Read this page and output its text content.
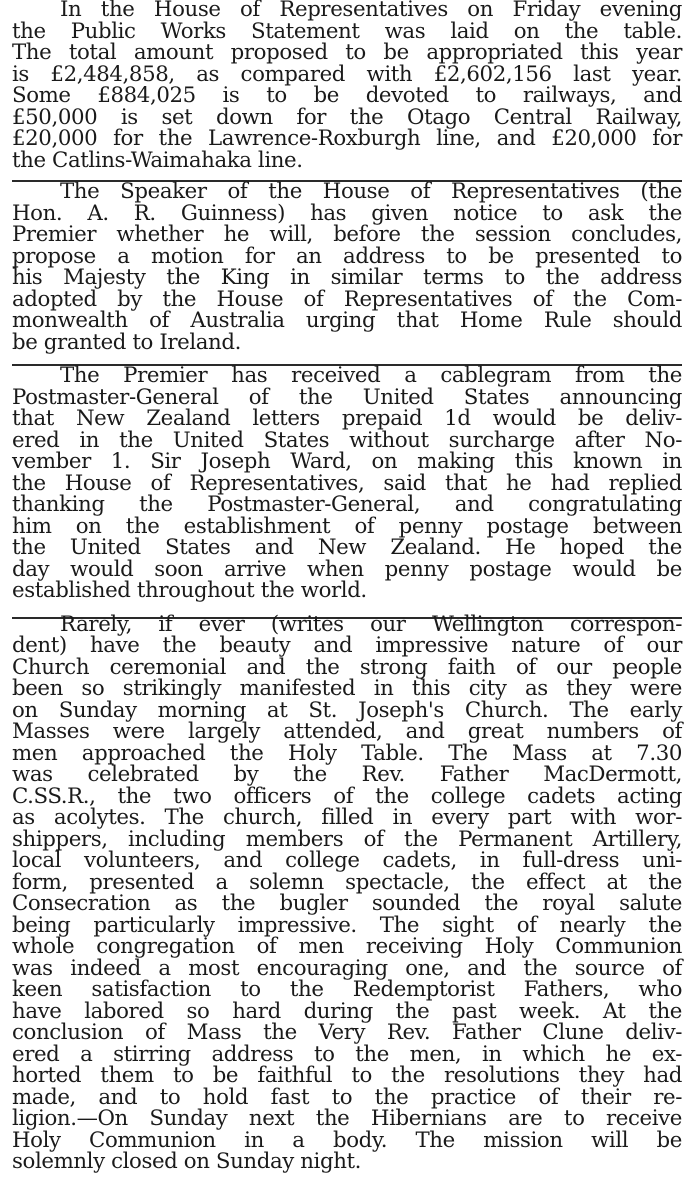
In the House of Representatives on Friday evening
the Public Works Statement was laid on the table.
The total amount proposed to be appropriated this year
is £2,484,858, as compared with £2,602,156 last year.
Some £884,025 is to be devoted to railways, and
£50,000 is set down for the Otago Central Railway,
£20,000 for the Lawrence-Roxburgh line, and £20,000 for
the Catlins-Waimahaka line.
The Speaker of the House of Representatives (the
Hon. A. R. Guinness) has given notice to ask the
Premier whether he will, before the session concludes,
propose a motion for an address to be presented to
his Majesty the King in similar terms to the address
adopted by the House of Representatives of the Com-
monwealth of Australia urging that Home Rule should
be granted to Ireland.
The Premier has received a cablegram from the
Postmaster-General of the United States announcing
that New Zealand letters prepaid 1d would be deliv-
ered in the United States without surcharge after No-
vember 1. Sir Joseph Ward, on making this known in
the House of Representatives, said that he had replied
thanking the Postmaster-General, and congratulating
him on the establishment of penny postage between
the United States and New Zealand. He hoped the
day would soon arrive when penny postage would be
established throughout the world.
Rarely, if ever (writes our Wellington correspon-
dent) have the beauty and impressive nature of our
Church ceremonial and the strong faith of our people
been so strikingly manifested in this city as they were
on Sunday morning at St. Joseph's Church. The early
Masses were largely attended, and great numbers of
men approached the Holy Table. The Mass at 7.30
was celebrated by the Rev. Father MacDermott,
C.SS.R., the two officers of the college cadets acting
as acolytes. The church, filled in every part with wor-
shippers, including members of the Permanent Artillery,
local volunteers, and college cadets, in full-dress uni-
form, presented a solemn spectacle, the effect at the
Consecration as the bugler sounded the royal salute
being particularly impressive. The sight of nearly the
whole congregation of men receiving Holy Communion
was indeed a most encouraging one, and the source of
keen satisfaction to the Redemptorist Fathers, who
have labored so hard during the past week. At the
conclusion of Mass the Very Rev. Father Clune deliv-
ered a stirring address to the men, in which he ex-
horted them to be faithful to the resolutions they had
made, and to hold fast to the practice of their re-
ligion.—On Sunday next the Hibernians are to receive
Holy Communion in a body. The mission will be
solemnly closed on Sunday night.
